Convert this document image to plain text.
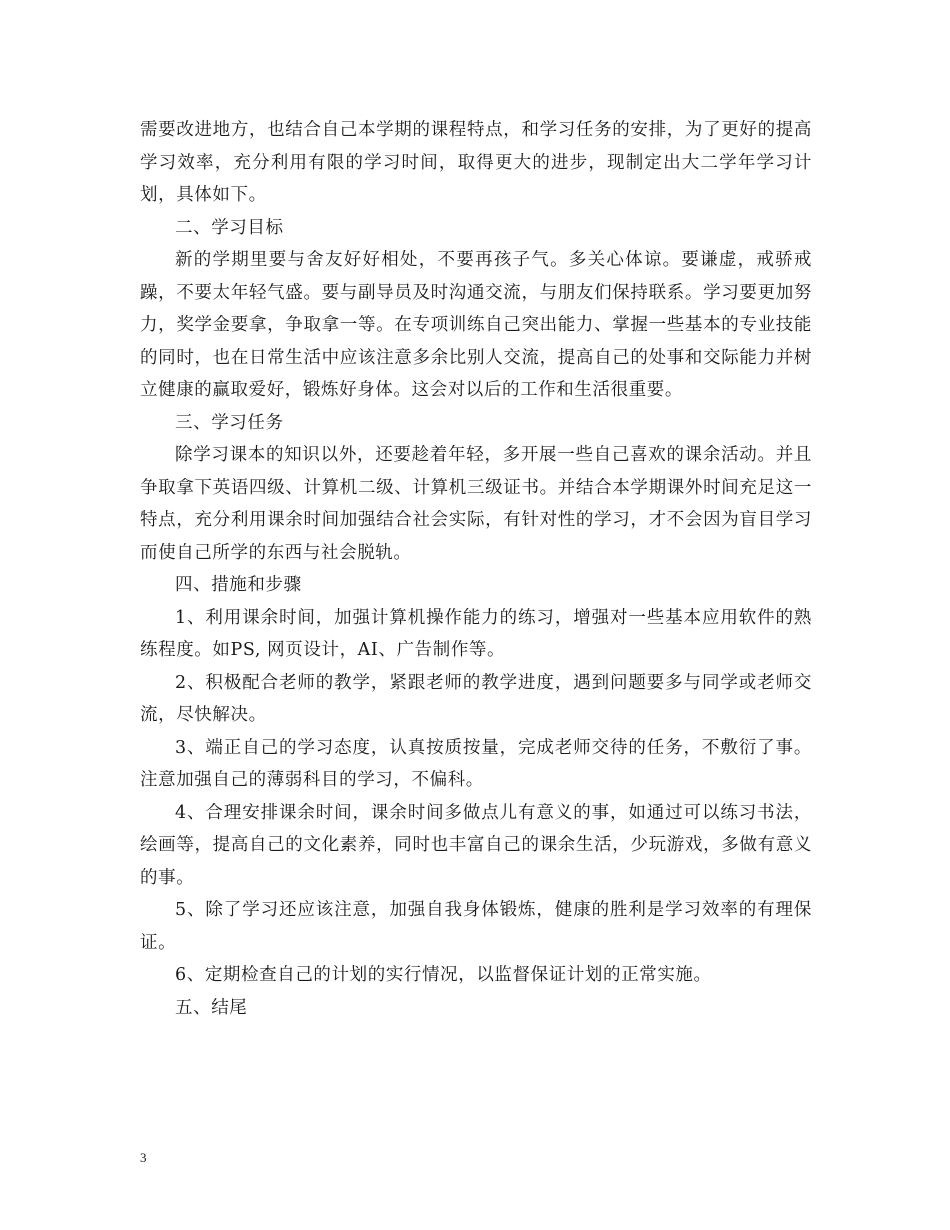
需要改进地方，也结合自己本学期的课程特点，和学习任务的安排，为了更好的提高学习效率，充分利用有限的学习时间，取得更大的进步，现制定出大二学年学习计划，具体如下。

二、学习目标

新的学期里要与舍友好好相处，不要再孩子气。多关心体谅。要谦虚，戒骄戒躁，不要太年轻气盛。要与副导员及时沟通交流，与朋友们保持联系。学习要更加努力，奖学金要拿，争取拿一等。在专项训练自己突出能力、掌握一些基本的专业技能的同时，也在日常生活中应该注意多余比别人交流，提高自己的处事和交际能力并树立健康的赢取爱好，锻炼好身体。这会对以后的工作和生活很重要。

三、学习任务

除学习课本的知识以外，还要趁着年轻，多开展一些自己喜欢的课余活动。并且争取拿下英语四级、计算机二级、计算机三级证书。并结合本学期课外时间充足这一特点，充分利用课余时间加强结合社会实际，有针对性的学习，才不会因为盲目学习而使自己所学的东西与社会脱轨。

四、措施和步骤

1、利用课余时间，加强计算机操作能力的练习，增强对一些基本应用软件的熟练程度。如PS, 网页设计，AI、广告制作等。

2、积极配合老师的教学，紧跟老师的教学进度，遇到问题要多与同学或老师交流，尽快解决。

3、端正自己的学习态度，认真按质按量，完成老师交待的任务，不敷衍了事。注意加强自己的薄弱科目的学习，不偏科。

4、合理安排课余时间，课余时间多做点儿有意义的事，如通过可以练习书法，绘画等，提高自己的文化素养，同时也丰富自己的课余生活，少玩游戏，多做有意义的事。

5、除了学习还应该注意，加强自我身体锻炼，健康的胜利是学习效率的有理保证。

6、定期检查自己的计划的实行情况，以监督保证计划的正常实施。

五、结尾

3
